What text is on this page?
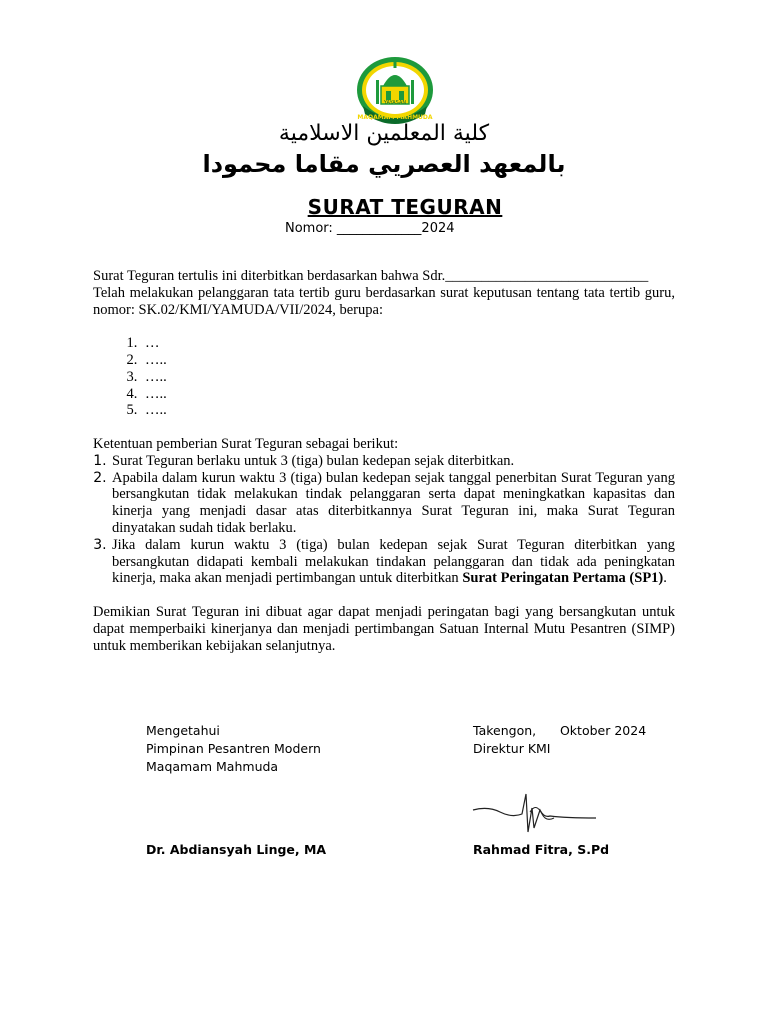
YAYASAN
MAQAMAM MAHMUDA
كلية المعلمين الاسلامية
بالمعهد العصريي مقاما محمودا
SURAT TEGURAN
Nomor: _____________2024

Surat Teguran tertulis ini diterbitkan berdasarkan bahwa Sdr.____________________________

Telah melakukan pelanggaran tata tertib guru berdasarkan surat keputusan tentang tata tertib guru, nomor: SK.02/KMI/YAMUDA/VII/2024, berupa:

1. …
2. …..
3. …..
4. …..
5. …..

Ketentuan pemberian Surat Teguran sebagai berikut:

1. Surat Teguran berlaku untuk 3 (tiga) bulan kedepan sejak diterbitkan.
2. Apabila dalam kurun waktu 3 (tiga) bulan kedepan sejak tanggal penerbitan Surat Teguran yang bersangkutan tidak melakukan tindak pelanggaran serta dapat meningkatkan kapasitas dan kinerja yang menjadi dasar atas diterbitkannya Surat Teguran ini, maka Surat Teguran dinyatakan sudah tidak berlaku.
3. Jika dalam kurun waktu 3 (tiga) bulan kedepan sejak Surat Teguran diterbitkan yang bersangkutan didapati kembali melakukan tindakan pelanggaran dan tidak ada peningkatan kinerja, maka akan menjadi pertimbangan untuk diterbitkan Surat Peringatan Pertama (SP1).

Demikian Surat Teguran ini dibuat agar dapat menjadi peringatan bagi yang bersangkutan untuk dapat memperbaiki kinerjanya dan menjadi pertimbangan Satuan Internal Mutu Pesantren (SIMP) untuk memberikan kebijakan selanjutnya.

Mengetahui
Pimpinan Pesantren Modern
Maqamam Mahmuda
Dr. Abdiansyah Linge, MA
Takengon, Oktober 2024
Direktur KMI
Rahmad Fitra, S.Pd
